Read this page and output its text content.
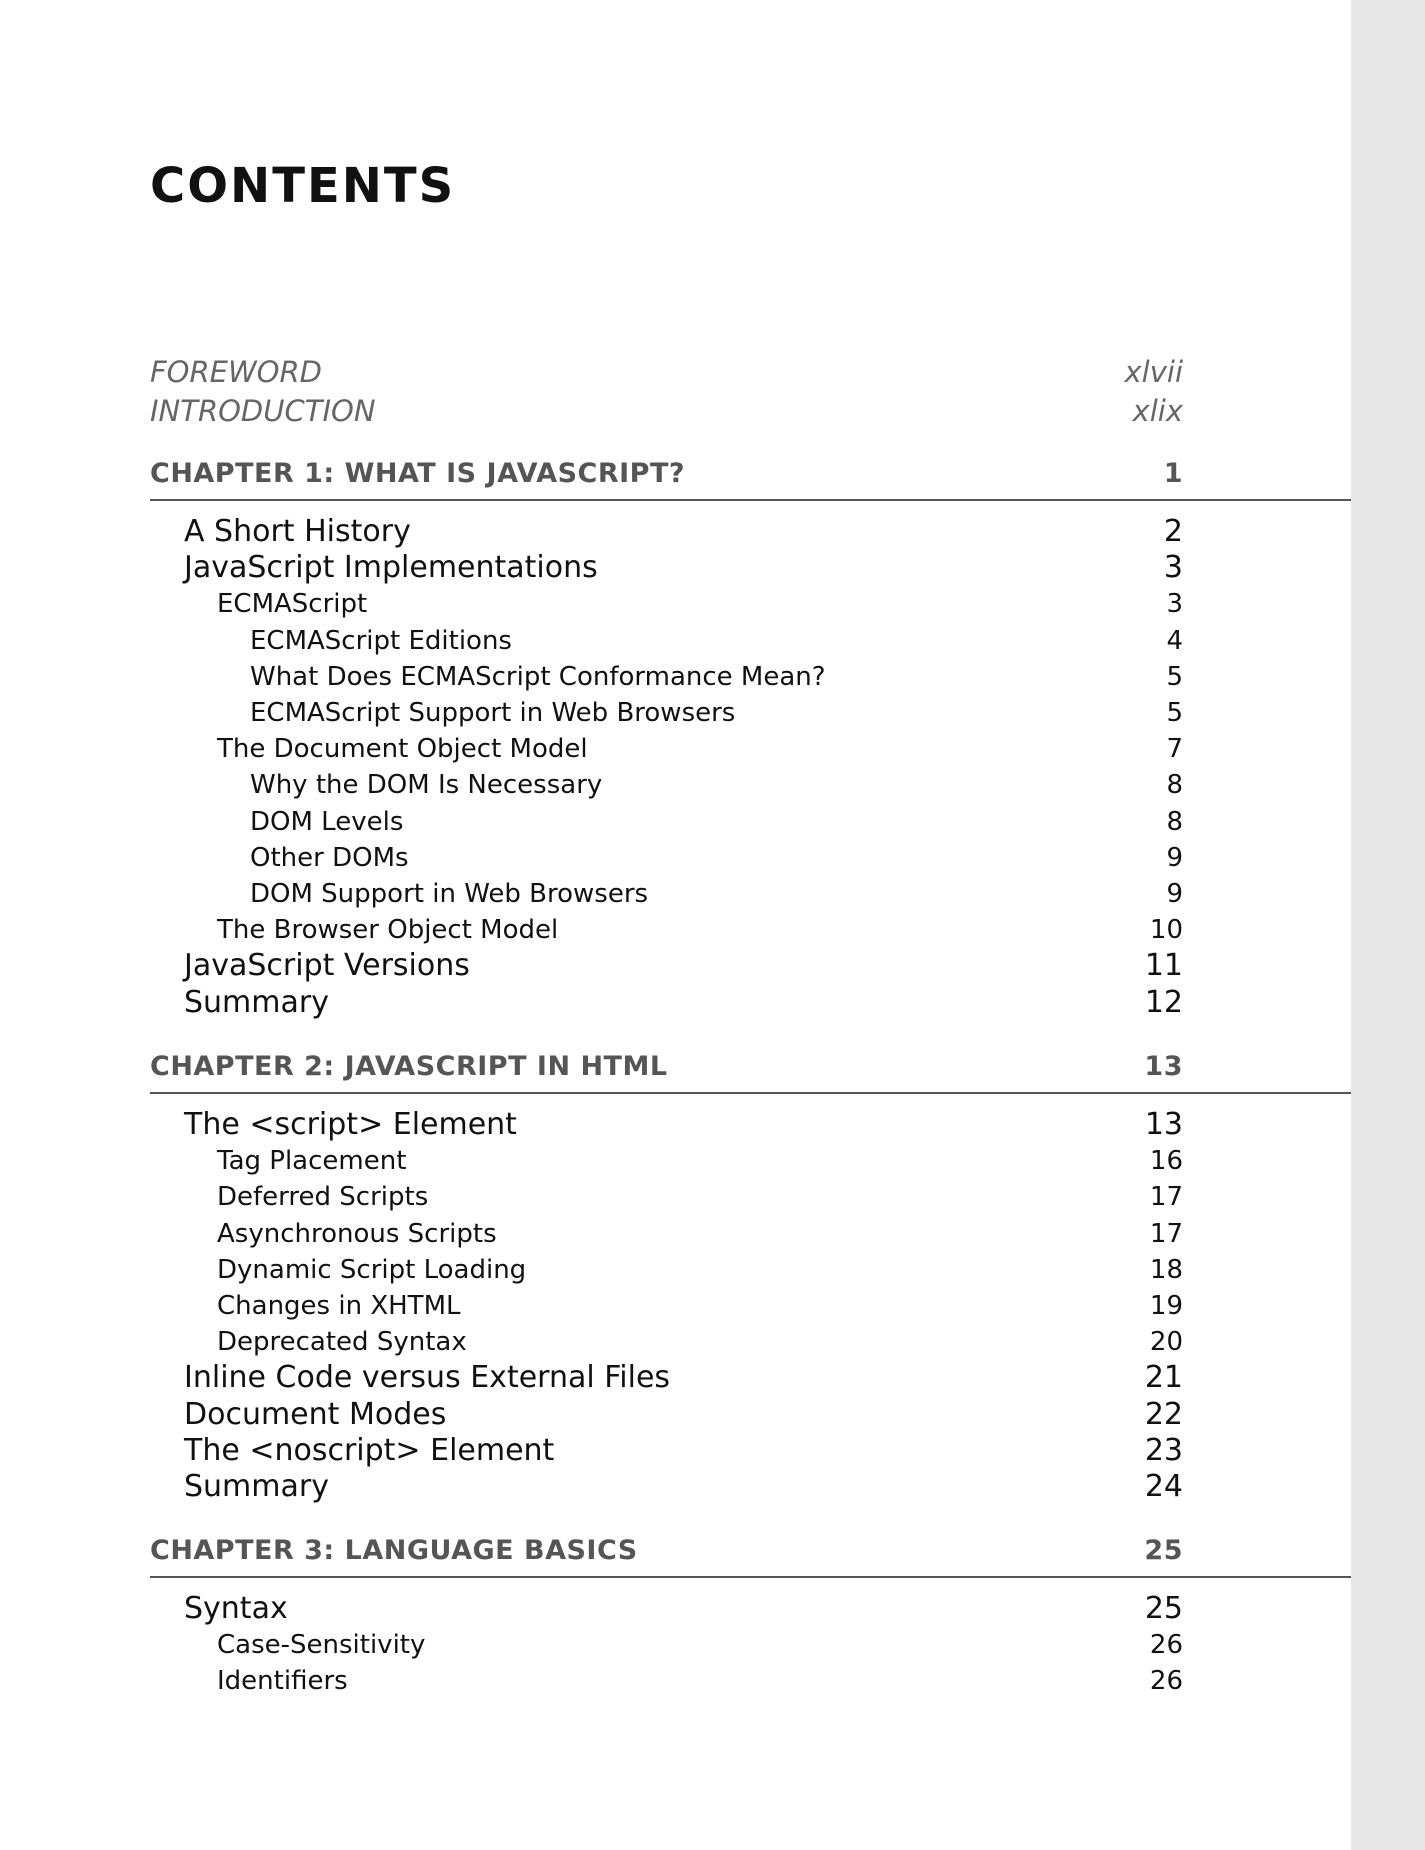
CONTENTS
FOREWORD	xlvii
INTRODUCTION	xlix
CHAPTER 1: WHAT IS JAVASCRIPT?	1
A Short History	2
JavaScript Implementations	3
ECMAScript	3
ECMAScript Editions	4
What Does ECMAScript Conformance Mean?	5
ECMAScript Support in Web Browsers	5
The Document Object Model	7
Why the DOM Is Necessary	8
DOM Levels	8
Other DOMs	9
DOM Support in Web Browsers	9
The Browser Object Model	10
JavaScript Versions	11
Summary	12
CHAPTER 2: JAVASCRIPT IN HTML	13
The <script> Element	13
Tag Placement	16
Deferred Scripts	17
Asynchronous Scripts	17
Dynamic Script Loading	18
Changes in XHTML	19
Deprecated Syntax	20
Inline Code versus External Files	21
Document Modes	22
The <noscript> Element	23
Summary	24
CHAPTER 3: LANGUAGE BASICS	25
Syntax	25
Case-Sensitivity	26
Identifiers	26
